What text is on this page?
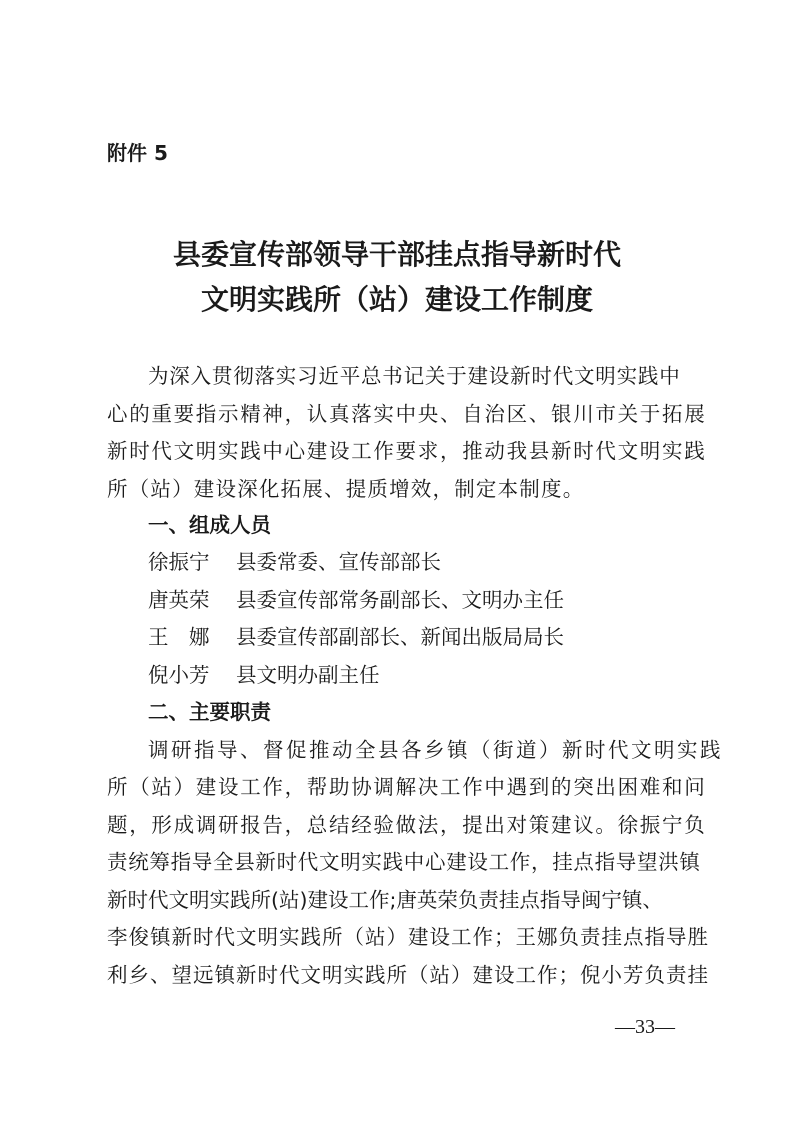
附件 5
县委宣传部领导干部挂点指导新时代
文明实践所（站）建设工作制度
为深入贯彻落实习近平总书记关于建设新时代文明实践中
心的重要指示精神，认真落实中央、自治区、银川市关于拓展
新时代文明实践中心建设工作要求，推动我县新时代文明实践
所（站）建设深化拓展、提质增效，制定本制度。
一、组成人员
徐振宁 县委常委、宣传部部长
唐英荣 县委宣传部常务副部长、文明办主任
王　娜 县委宣传部副部长、新闻出版局局长
倪小芳 县文明办副主任
二、主要职责
调研指导、督促推动全县各乡镇（街道）新时代文明实践
所（站）建设工作，帮助协调解决工作中遇到的突出困难和问
题，形成调研报告，总结经验做法，提出对策建议。徐振宁负
责统筹指导全县新时代文明实践中心建设工作，挂点指导望洪镇
新时代文明实践所(站)建设工作;唐英荣负责挂点指导闽宁镇、
李俊镇新时代文明实践所（站）建设工作；王娜负责挂点指导胜
利乡、望远镇新时代文明实践所（站）建设工作；倪小芳负责挂
—33—
